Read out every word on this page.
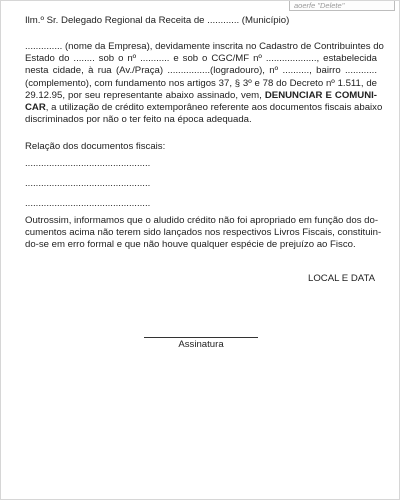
aoerfe "Delete"
Ilm.º Sr. Delegado Regional da Receita de ............ (Município)
.............. (nome da Empresa), devidamente inscrita no Cadastro de Contribuintes do
Estado do ........ sob o nº ........... e sob o CGC/MF nº ..................., estabelecida
nesta cidade, à rua (Av./Praça) ................(logradouro), nº .........., bairro ............
(complemento), com fundamento nos artigos 37, § 3º e 78 do Decreto nº 1.511, de
29.12.95, por seu representante abaixo assinado, vem, DENUNCIAR E COMUNI-
CAR, a utilização de crédito extemporâneo referente aos documentos fiscais abaixo
discriminados por não o ter feito na época adequada.
Relação dos documentos fiscais:
...............................................
...............................................
...............................................
Outrossim, informamos que o aludido crédito não foi apropriado em função dos do-
cumentos acima não terem sido lançados nos respectivos Livros Fiscais, constituin-
do-se em erro formal e que não houve qualquer espécie de prejuízo ao Fisco.
LOCAL E DATA
Assinatura
